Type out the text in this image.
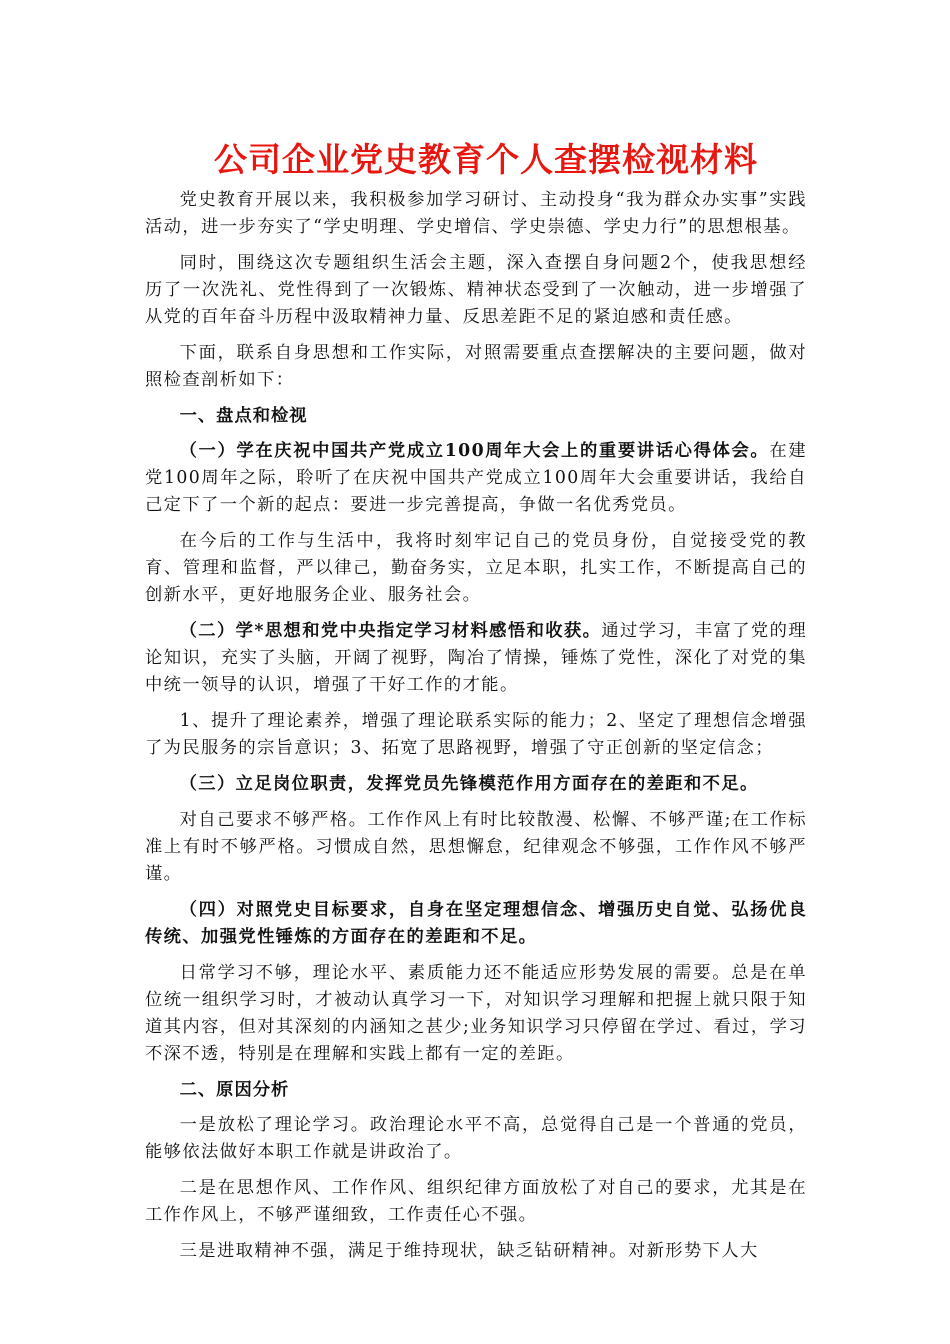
公司企业党史教育个人查摆检视材料

党史教育开展以来，我积极参加学习研讨、主动投身“我为群众办实事”实践活动，进一步夯实了“学史明理、学史增信、学史崇德、学史力行”的思想根基。

同时，围绕这次专题组织生活会主题，深入查摆自身问题2个，使我思想经历了一次洗礼、党性得到了一次锻炼、精神状态受到了一次触动，进一步增强了从党的百年奋斗历程中汲取精神力量、反思差距不足的紧迫感和责任感。

下面，联系自身思想和工作实际，对照需要重点查摆解决的主要问题，做对照检查剖析如下：

一、盘点和检视

（一）学在庆祝中国共产党成立100周年大会上的重要讲话心得体会。在建党100周年之际，聆听了在庆祝中国共产党成立100周年大会重要讲话，我给自己定下了一个新的起点：要进一步完善提高，争做一名优秀党员。

在今后的工作与生活中，我将时刻牢记自己的党员身份，自觉接受党的教育、管理和监督，严以律己，勤奋务实，立足本职，扎实工作，不断提高自己的创新水平，更好地服务企业、服务社会。

（二）学*思想和党中央指定学习材料感悟和收获。通过学习，丰富了党的理论知识，充实了头脑，开阔了视野，陶冶了情操，锤炼了党性，深化了对党的集中统一领导的认识，增强了干好工作的才能。

1、提升了理论素养，增强了理论联系实际的能力；2、坚定了理想信念增强了为民服务的宗旨意识；3、拓宽了思路视野，增强了守正创新的坚定信念；

（三）立足岗位职责，发挥党员先锋模范作用方面存在的差距和不足。

对自己要求不够严格。工作作风上有时比较散漫、松懈、不够严谨;在工作标准上有时不够严格。习惯成自然，思想懈怠，纪律观念不够强，工作作风不够严谨。

（四）对照党史目标要求，自身在坚定理想信念、增强历史自觉、弘扬优良传统、加强党性锤炼的方面存在的差距和不足。

日常学习不够，理论水平、素质能力还不能适应形势发展的需要。总是在单位统一组织学习时，才被动认真学习一下，对知识学习理解和把握上就只限于知道其内容，但对其深刻的内涵知之甚少;业务知识学习只停留在学过、看过，学习不深不透，特别是在理解和实践上都有一定的差距。

二、原因分析

一是放松了理论学习。政治理论水平不高，总觉得自己是一个普通的党员，能够依法做好本职工作就是讲政治了。

二是在思想作风、工作作风、组织纪律方面放松了对自己的要求，尤其是在工作作风上，不够严谨细致，工作责任心不强。

三是进取精神不强，满足于维持现状，缺乏钻研精神。对新形势下人大
